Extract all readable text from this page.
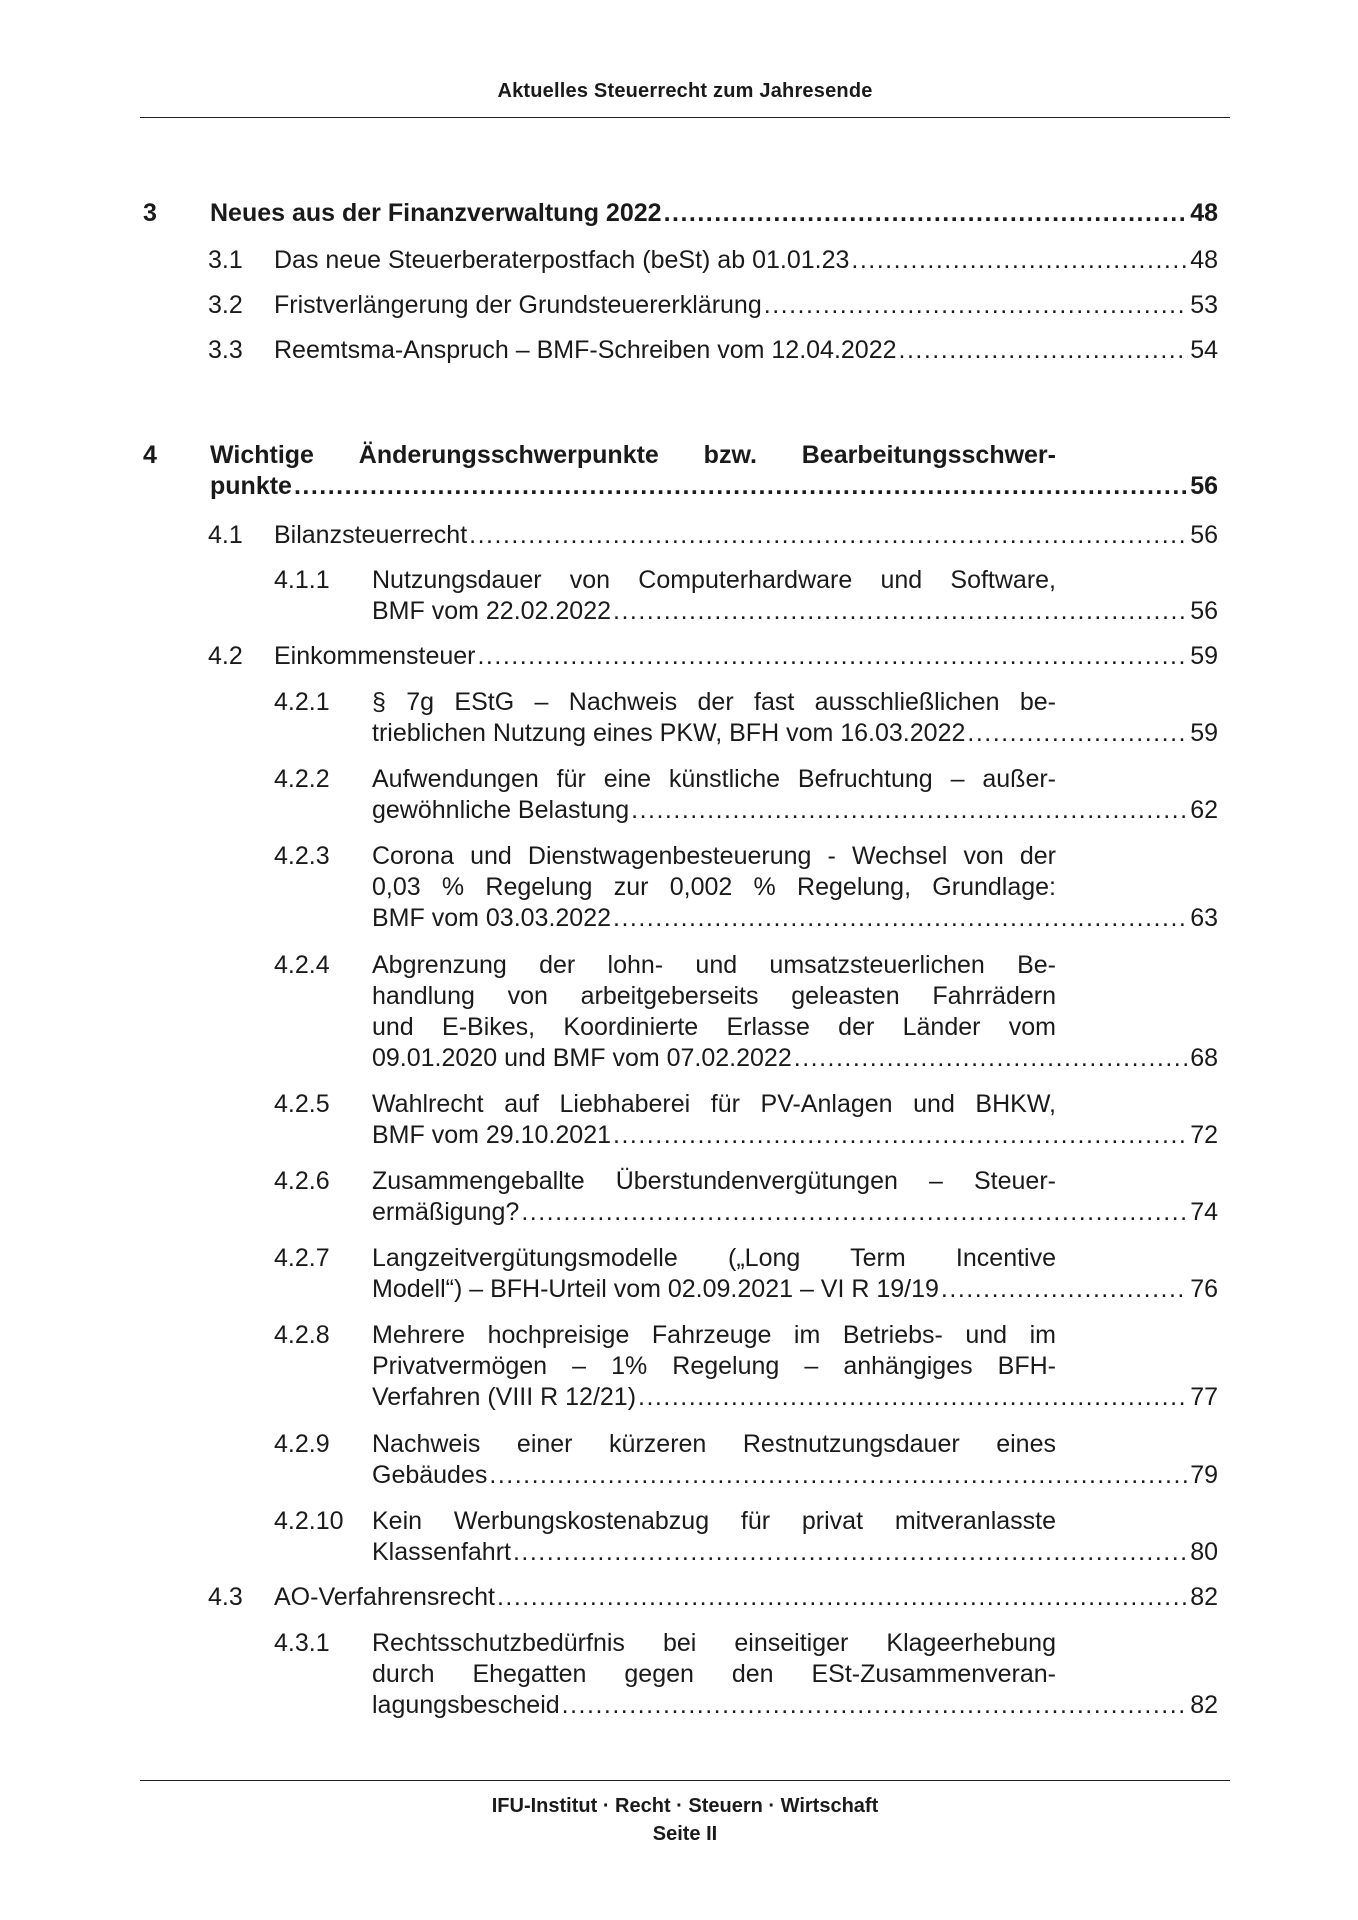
Aktuelles Steuerrecht zum Jahresende
3 Neues aus der Finanzverwaltung 2022 .....	48
3.1 Das neue Steuerberaterpostfach (beSt) ab 01.01.23 .....	48
3.2 Fristverlängerung der Grundsteuererklärung .....	53
3.3 Reemtsma-Anspruch – BMF-Schreiben vom 12.04.2022 .....	54
4 Wichtige Änderungsschwerpunkte bzw. Bearbeitungsschwer-
punkte .....	56
4.1 Bilanzsteuerrecht .....	56
4.1.1 Nutzungsdauer von Computerhardware und Software,
BMF vom 22.02.2022 .....	56
4.2 Einkommensteuer .....	59
4.2.1 § 7g EStG – Nachweis der fast ausschließlichen be-
trieblichen Nutzung eines PKW, BFH vom 16.03.2022 .....	59
4.2.2 Aufwendungen für eine künstliche Befruchtung – außer-
gewöhnliche Belastung .....	62
4.2.3 Corona und Dienstwagenbesteuerung - Wechsel von der
0,03 % Regelung zur 0,002 % Regelung, Grundlage:
BMF vom 03.03.2022 .....	63
4.2.4 Abgrenzung der lohn- und umsatzsteuerlichen Be-
handlung von arbeitgeberseits geleasten Fahrrädern
und E-Bikes, Koordinierte Erlasse der Länder vom
09.01.2020 und BMF vom 07.02.2022 .....	68
4.2.5 Wahlrecht auf Liebhaberei für PV-Anlagen und BHKW,
BMF vom 29.10.2021 .....	72
4.2.6 Zusammengeballte Überstundenvergütungen – Steuer-
ermäßigung? .....	74
4.2.7 Langzeitvergütungsmodelle („Long Term Incentive
Modell“) – BFH-Urteil vom 02.09.2021 – VI R 19/19 .....	76
4.2.8 Mehrere hochpreisige Fahrzeuge im Betriebs- und im
Privatvermögen – 1% Regelung – anhängiges BFH-
Verfahren (VIII R 12/21) .....	77
4.2.9 Nachweis einer kürzeren Restnutzungsdauer eines
Gebäudes .....	79
4.2.10 Kein Werbungskostenabzug für privat mitveranlasste
Klassenfahrt .....	80
4.3 AO-Verfahrensrecht .....	82
4.3.1 Rechtsschutzbedürfnis bei einseitiger Klageerhebung
durch Ehegatten gegen den ESt-Zusammenveran-
lagungsbescheid .....	82
IFU-Institut · Recht · Steuern · Wirtschaft
Seite II
